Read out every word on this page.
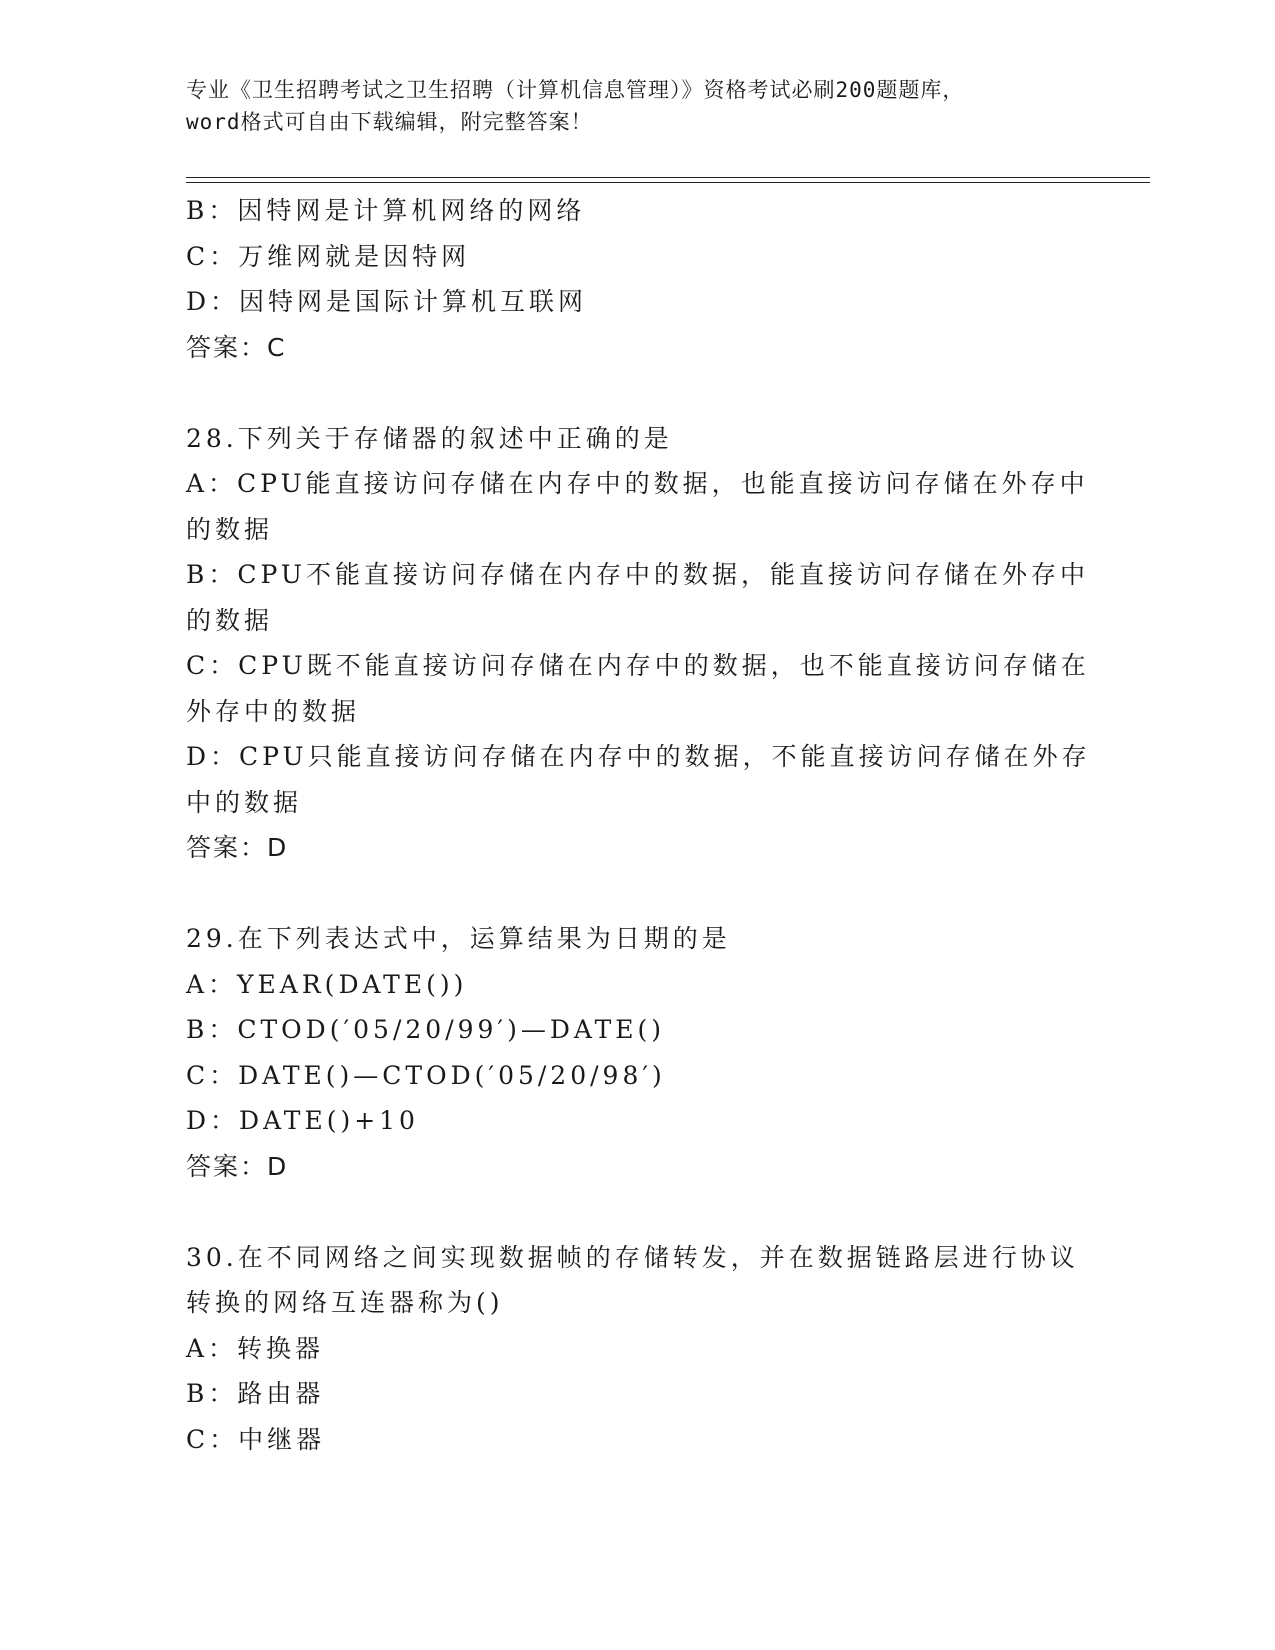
专业《卫生招聘考试之卫生招聘（计算机信息管理）》资格考试必刷200题题库，
word格式可自由下载编辑，附完整答案！
B：因特网是计算机网络的网络
C：万维网就是因特网
D：因特网是国际计算机互联网
答案：C
28.下列关于存储器的叙述中正确的是
A：CPU能直接访问存储在内存中的数据，也能直接访问存储在外存中
的数据
B：CPU不能直接访问存储在内存中的数据，能直接访问存储在外存中
的数据
C：CPU既不能直接访问存储在内存中的数据，也不能直接访问存储在
外存中的数据
D：CPU只能直接访问存储在内存中的数据，不能直接访问存储在外存
中的数据
答案：D
29.在下列表达式中，运算结果为日期的是
A：YEAR(DATE())
B：CTOD(′05/20/99′)—DATE()
C：DATE()—CTOD(′05/20/98′)
D：DATE()+10
答案：D
30.在不同网络之间实现数据帧的存储转发，并在数据链路层进行协议
转换的网络互连器称为()
A：转换器
B：路由器
C：中继器
